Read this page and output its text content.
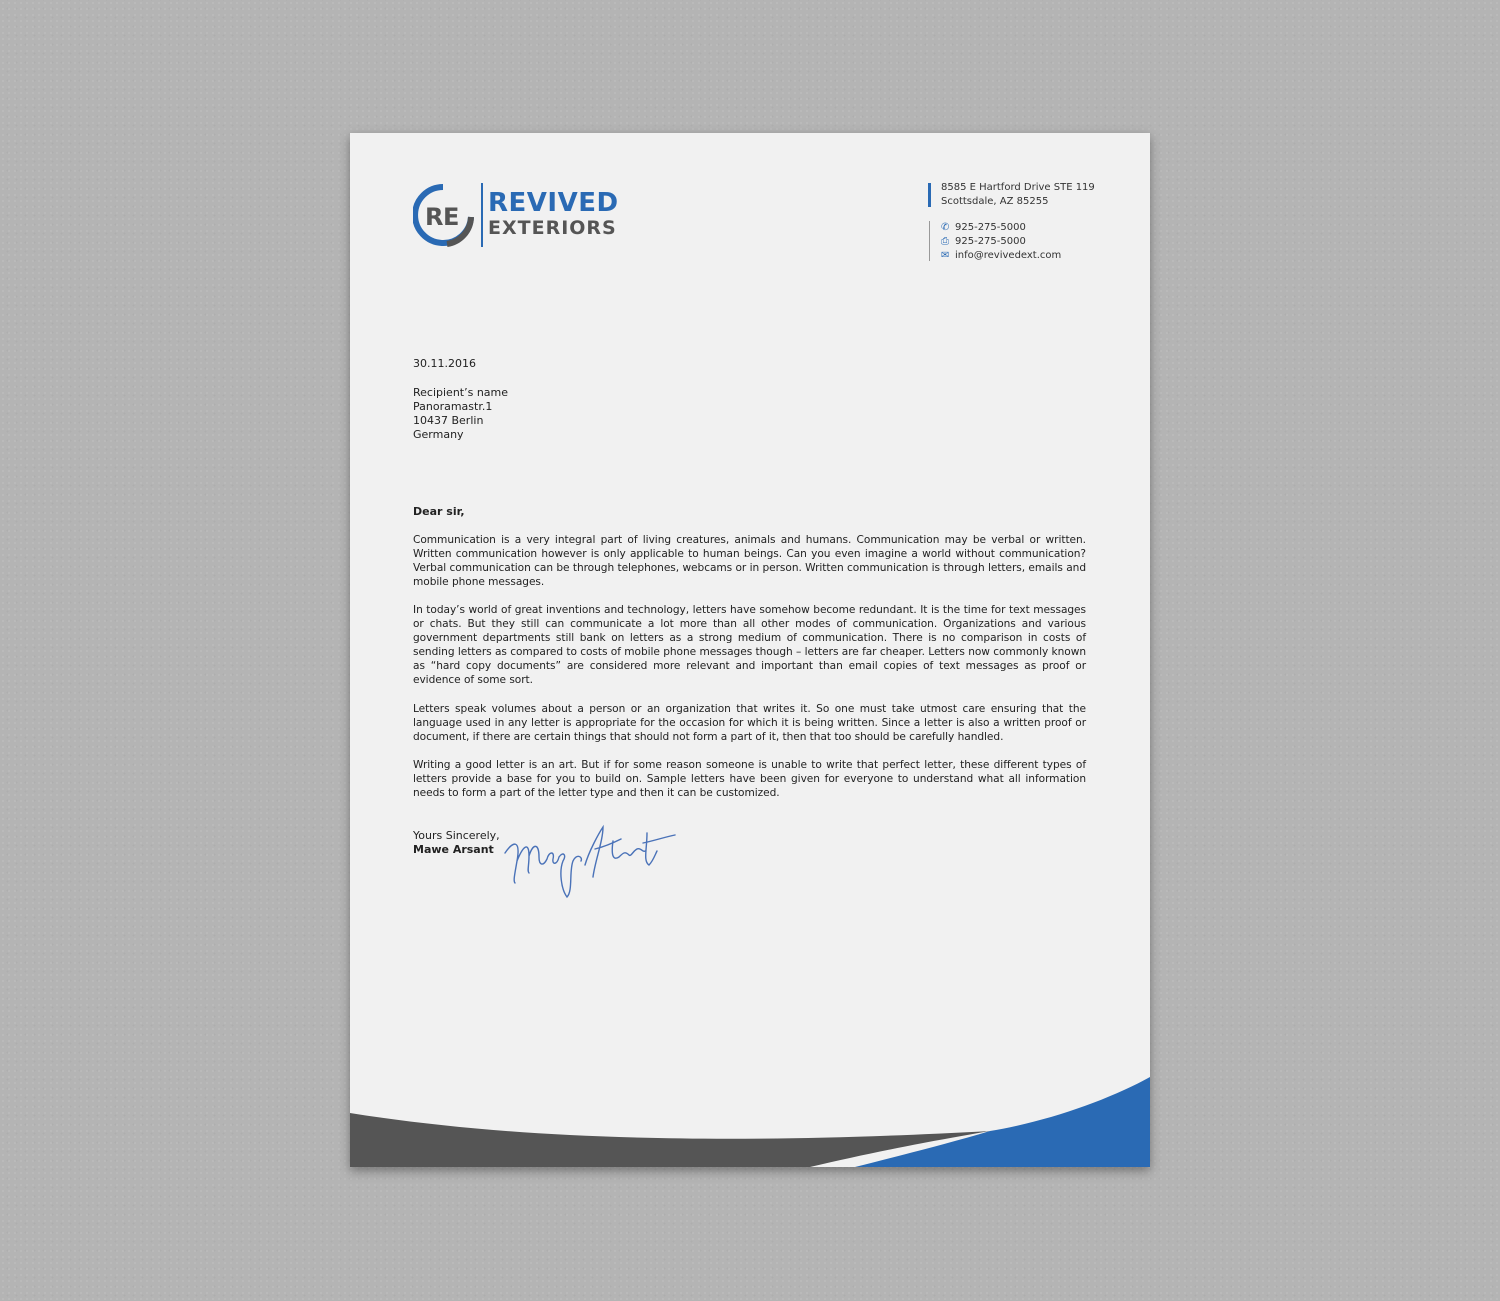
R E REVIVED
EXTERIORS
8585 E Hartford Drive STE 119
Scottsdale, AZ 85255
✆ 925-275-5000
⎙ 925-275-5000
✉ info@revivedext.com
30.11.2016
Recipient’s name
Panoramastr.1
10437 Berlin
Germany
Dear sir,
Communication is a very integral part of living creatures, animals and humans. Communication may be verbal or written. Written communication however is only applicable to human beings. Can you even imagine a world without communication? Verbal communication can be through telephones, webcams or in person. Written communication is through letters, emails and mobile phone messages.
In today’s world of great inventions and technology, letters have somehow become redundant. It is the time for text messages or chats. But they still can communicate a lot more than all other modes of communication. Organizations and various government departments still bank on letters as a strong medium of communication. There is no comparison in costs of sending letters as compared to costs of mobile phone messages though – letters are far cheaper. Letters now commonly known as “hard copy documents” are considered more relevant and important than email copies of text messages as proof or evidence of some sort.
Letters speak volumes about a person or an organization that writes it. So one must take utmost care ensuring that the language used in any letter is appropriate for the occasion for which it is being written. Since a letter is also a written proof or document, if there are certain things that should not form a part of it, then that too should be carefully handled.
Writing a good letter is an art. But if for some reason someone is unable to write that perfect letter, these different types of letters provide a base for you to build on. Sample letters have been given for everyone to understand what all information needs to form a part of the letter type and then it can be customized.
Yours Sincerely,
Mawe Arsant
